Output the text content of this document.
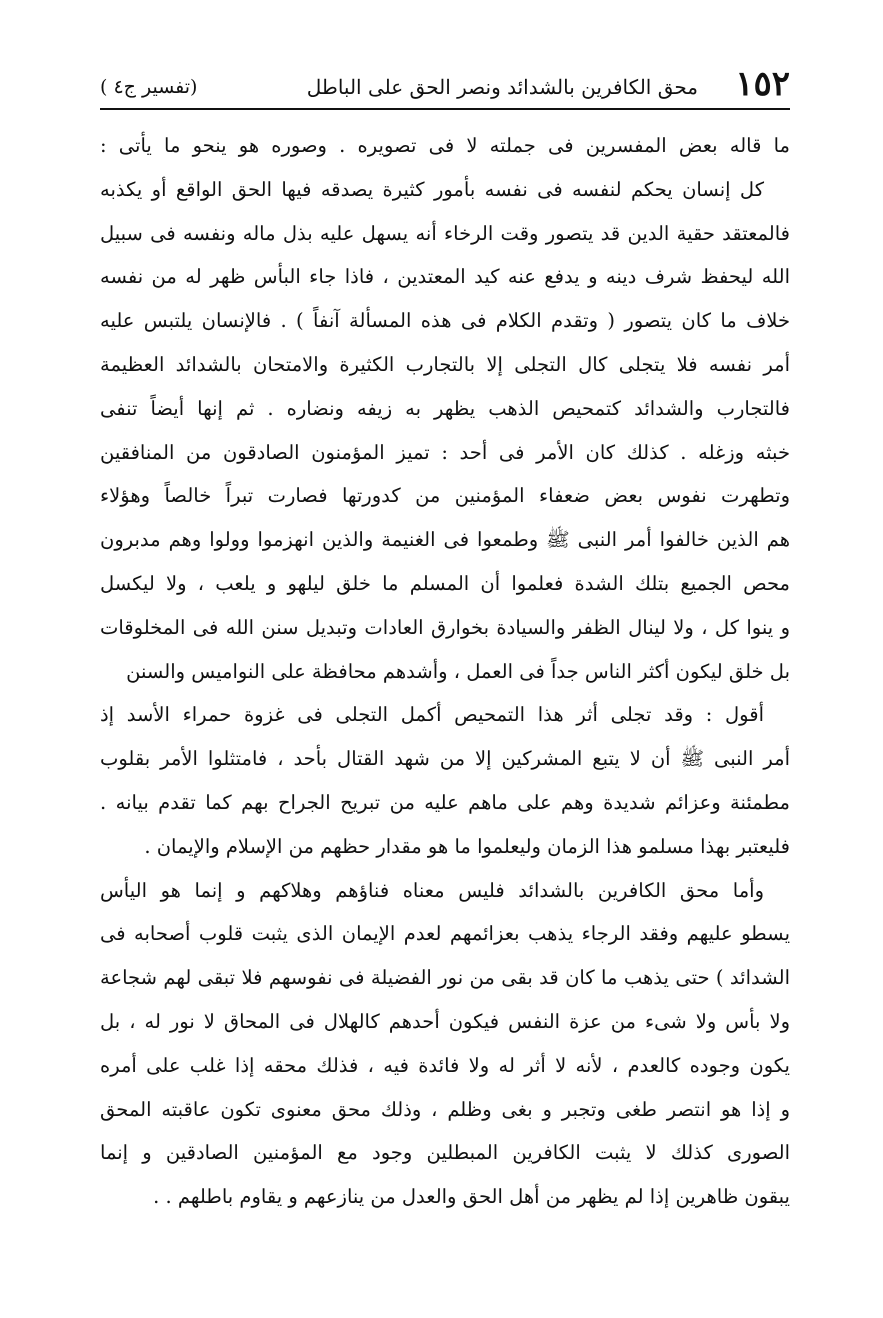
١٥٢
محق الكافرين بالشدائد ونصر الحق على الباطل
(تفسير ج٤ )
ما قاله بعض المفسرين فى جملته لا فى تصويره . وصوره هو ينحو ما يأتى :
كل إنسان يحكم لنفسه فى نفسه بأمور كثيرة يصدقه فيها الحق الواقع أو يكذبه
فالمعتقد حقية الدين قد يتصور وقت الرخاء أنه يسهل عليه بذل ماله ونفسه فى سبيل
الله ليحفظ شرف دينه و يدفع عنه كيد المعتدين ، فاذا جاء البأس ظهر له من نفسه
خلاف ما كان يتصور ( وتقدم الكلام فى هذه المسألة آنفاً ) . فالإنسان يلتبس عليه
أمر نفسه فلا يتجلى كال التجلى إلا بالتجارب الكثيرة والامتحان بالشدائد العظيمة
فالتجارب والشدائد كتمحيص الذهب يظهر به زيفه ونضاره . ثم إنها أيضاً تنفى
خبثه وزغله . كذلك كان الأمر فى أحد : تميز المؤمنون الصادقون من المنافقين
وتطهرت نفوس بعض ضعفاء المؤمنين من كدورتها فصارت تبراً خالصاً وهؤلاء
هم الذين خالفوا أمر النبى ﷺ وطمعوا فى الغنيمة والذين انهزموا وولوا وهم مدبرون
محص الجميع بتلك الشدة فعلموا أن المسلم ما خلق ليلهو و يلعب ، ولا ليكسل
و ينوا كل ، ولا لينال الظفر والسيادة بخوارق العادات وتبديل سنن الله فى المخلوقات
بل خلق ليكون أكثر الناس جداً فى العمل ، وأشدهم محافظة على النواميس والسنن
أقول : وقد تجلى أثر هذا التمحيص أكمل التجلى فى غزوة حمراء الأسد إذ
أمر النبى ﷺ أن لا يتبع المشركين إلا من شهد القتال بأحد ، فامتثلوا الأمر بقلوب
مطمئنة وعزائم شديدة وهم على ماهم عليه من تبريح الجراح بهم كما تقدم بيانه .
فليعتبر بهذا مسلمو هذا الزمان وليعلموا ما هو مقدار حظهم من الإسلام والإيمان .
وأما محق الكافرين بالشدائد فليس معناه فناؤهم وهلاكهم و إنما هو اليأس
يسطو عليهم وفقد الرجاء يذهب بعزائمهم لعدم الإيمان الذى يثبت قلوب أصحابه فى
الشدائد ) حتى يذهب ما كان قد بقى من نور الفضيلة فى نفوسهم فلا تبقى لهم شجاعة
ولا بأس ولا شىء من عزة النفس فيكون أحدهم كالهلال فى المحاق لا نور له ، بل
يكون وجوده كالعدم ، لأنه لا أثر له ولا فائدة فيه ، فذلك محقه إذا غلب على أمره
و إذا هو انتصر طغى وتجبر و بغى وظلم ، وذلك محق معنوى تكون عاقبته المحق
الصورى كذلك لا يثبت الكافرين المبطلين وجود مع المؤمنين الصادقين و إنما
يبقون ظاهرين إذا لم يظهر من أهل الحق والعدل من ينازعهم و يقاوم باطلهم . .
